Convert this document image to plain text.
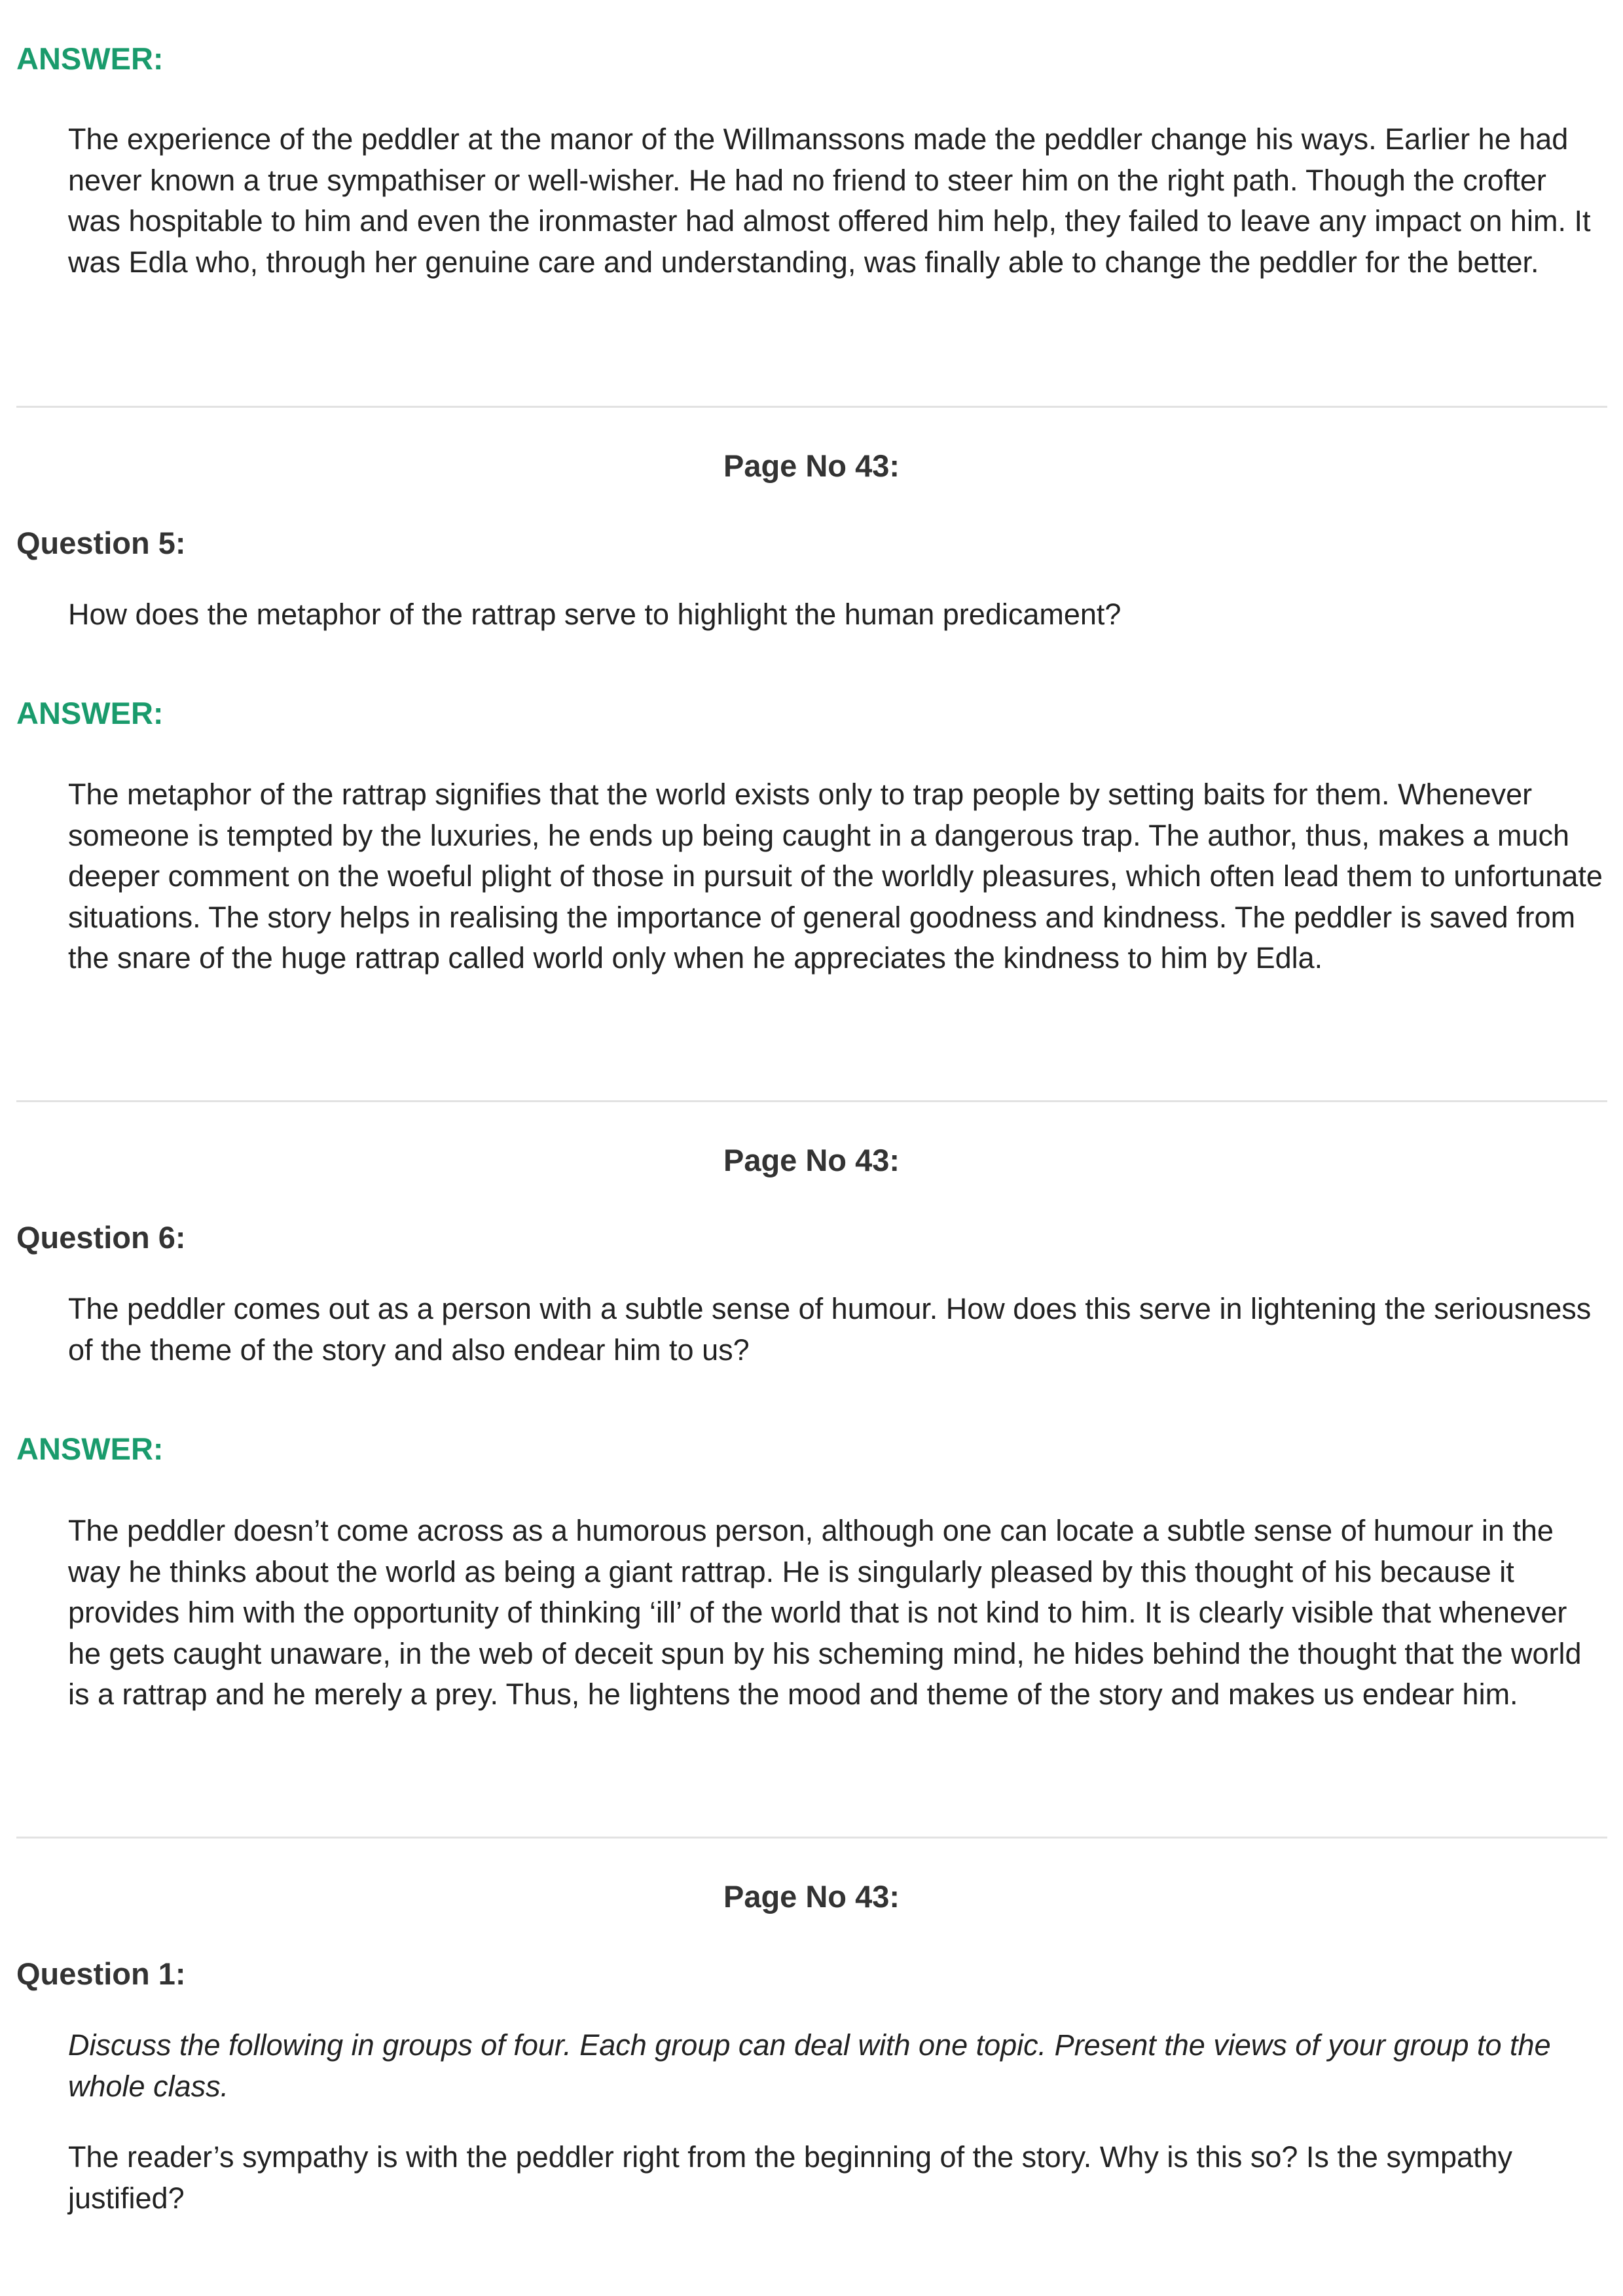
ANSWER:

The experience of the peddler at the manor of the Willmanssons made the peddler change his ways. Earlier he had never known a true sympathiser or well-wisher. He had no friend to steer him on the right path. Though the crofter was hospitable to him and even the ironmaster had almost offered him help, they failed to leave any impact on him. It was Edla who, through her genuine care and understanding, was finally able to change the peddler for the better.

Page No 43:

Question 5:

How does the metaphor of the rattrap serve to highlight the human predicament?

ANSWER:

The metaphor of the rattrap signifies that the world exists only to trap people by setting baits for them. Whenever someone is tempted by the luxuries, he ends up being caught in a dangerous trap. The author, thus, makes a much deeper comment on the woeful plight of those in pursuit of the worldly pleasures, which often lead them to unfortunate situations. The story helps in realising the importance of general goodness and kindness. The peddler is saved from the snare of the huge rattrap called world only when he appreciates the kindness to him by Edla.

Page No 43:

Question 6:

The peddler comes out as a person with a subtle sense of humour. How does this serve in lightening the seriousness of the theme of the story and also endear him to us?

ANSWER:

The peddler doesn’t come across as a humorous person, although one can locate a subtle sense of humour in the way he thinks about the world as being a giant rattrap. He is singularly pleased by this thought of his because it provides him with the opportunity of thinking ‘ill’ of the world that is not kind to him. It is clearly visible that whenever he gets caught unaware, in the web of deceit spun by his scheming mind, he hides behind the thought that the world is a rattrap and he merely a prey. Thus, he lightens the mood and theme of the story and makes us endear him.

Page No 43:

Question 1:

Discuss the following in groups of four. Each group can deal with one topic. Present the views of your group to the whole class.

The reader’s sympathy is with the peddler right from the beginning of the story. Why is this so? Is the sympathy justified?
